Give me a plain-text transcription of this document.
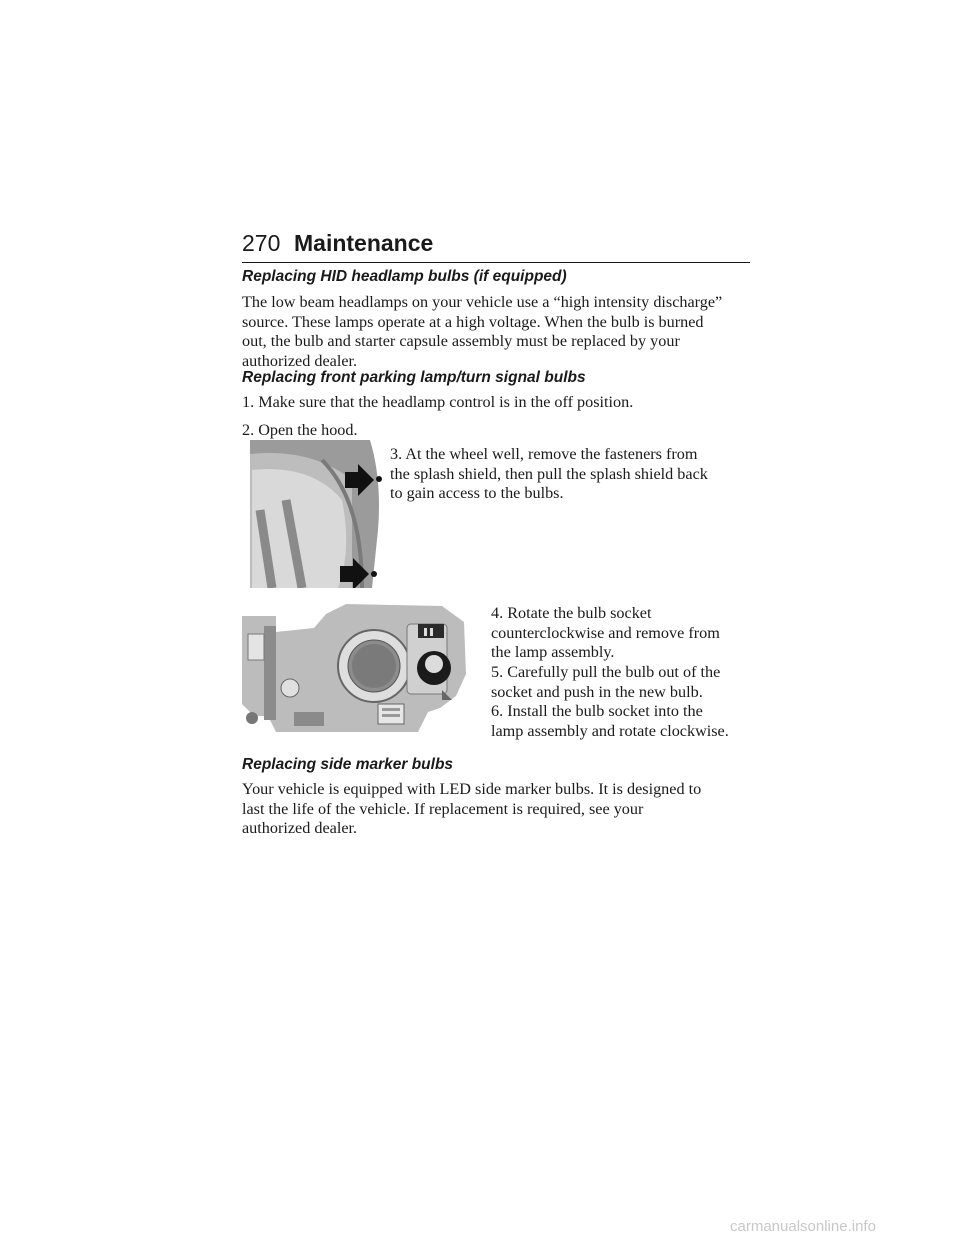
270 Maintenance
Replacing HID headlamp bulbs (if equipped)
The low beam headlamps on your vehicle use a “high intensity discharge”
source. These lamps operate at a high voltage. When the bulb is burned
out, the bulb and starter capsule assembly must be replaced by your
authorized dealer.
Replacing front parking lamp/turn signal bulbs
1. Make sure that the headlamp control is in the off position.
2. Open the hood.
3. At the wheel well, remove the fasteners from
the splash shield, then pull the splash shield back
to gain access to the bulbs.
4. Rotate the bulb socket
counterclockwise and remove from
the lamp assembly.
5. Carefully pull the bulb out of the
socket and push in the new bulb.
6. Install the bulb socket into the
lamp assembly and rotate clockwise.
Replacing side marker bulbs
Your vehicle is equipped with LED side marker bulbs. It is designed to
last the life of the vehicle. If replacement is required, see your
authorized dealer.
carmanualsonline.info
